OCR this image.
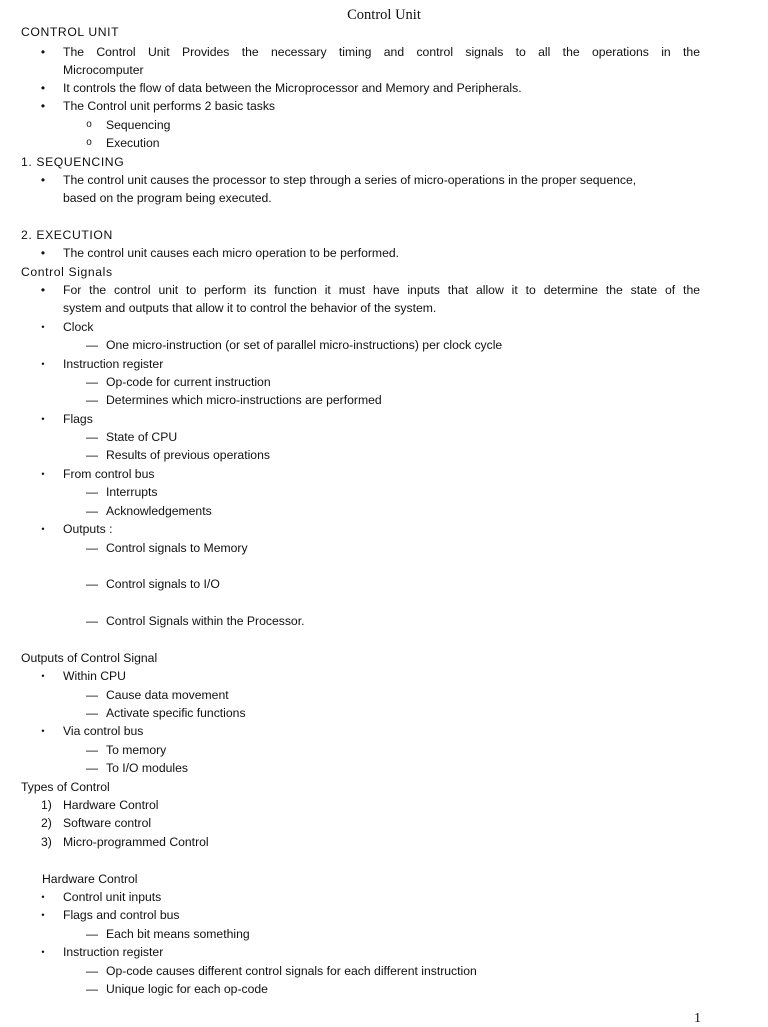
Control Unit
CONTROL UNIT
• The Control Unit Provides the necessary timing and control signals to all the operations in the
Microcomputer
• It controls the flow of data between the Microprocessor and Memory and Peripherals.
• The Control unit performs 2 basic tasks
o Sequencing
o Execution
1. SEQUENCING
• The control unit causes the processor to step through a series of micro-operations in the proper sequence,
based on the program being executed.
2. EXECUTION
• The control unit causes each micro operation to be performed.
Control Signals
• For the control unit to perform its function it must have inputs that allow it to determine the state of the
system and outputs that allow it to control the behavior of the system.
• Clock
— One micro-instruction (or set of parallel micro-instructions) per clock cycle
• Instruction register
— Op-code for current instruction
— Determines which micro-instructions are performed
• Flags
— State of CPU
— Results of previous operations
• From control bus
— Interrupts
— Acknowledgements
• Outputs :
— Control signals to Memory
— Control signals to I/O
— Control Signals within the Processor.
Outputs of Control Signal
• Within CPU
— Cause data movement
— Activate specific functions
• Via control bus
— To memory
— To I/O modules
Types of Control
1) Hardware Control
2) Software control
3) Micro-programmed Control
Hardware Control
• Control unit inputs
• Flags and control bus
— Each bit means something
• Instruction register
— Op-code causes different control signals for each different instruction
— Unique logic for each op-code
1
